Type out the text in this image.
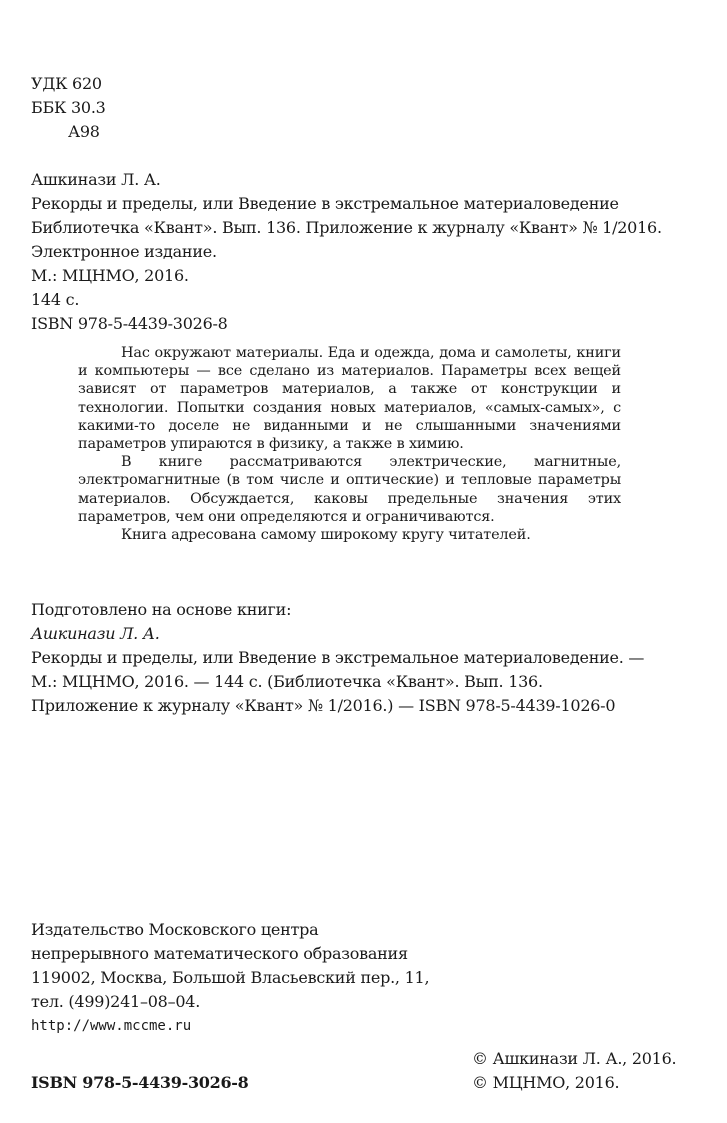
УДК 620
ББК 30.3
А98
Ашкинази Л. А.
Рекорды и пределы, или Введение в экстремальное материаловедение
Библиотечка «Квант». Вып. 136. Приложение к журналу «Квант» № 1/2016.
Электронное издание.
М.: МЦНМО, 2016.
144 с.
ISBN 978-5-4439-3026-8

Нас окружают материалы. Еда и одежда, дома и самолеты, книги и компьютеры — все сделано из материалов. Параметры всех вещей зависят от параметров материалов, а также от конструкции и технологии. Попытки создания новых материалов, «самых-самых», с какими-то доселе не виданными и не слышанными значениями параметров упираются в физику, а также в химию.

В книге рассматриваются электрические, магнитные, электромагнитные (в том числе и оптические) и тепловые параметры материалов. Обсуждается, каковы предельные значения этих параметров, чем они определяются и ограничиваются.

Книга адресована самому широкому кругу читателей.

Подготовлено на основе книги:
Ашкинази Л. А.
Рекорды и пределы, или Введение в экстремальное материаловедение. —
М.: МЦНМО, 2016. — 144 с. (Библиотечка «Квант». Вып. 136.
Приложение к журналу «Квант» № 1/2016.) — ISBN 978-5-4439-1026-0
Издательство Московского центра
непрерывного математического образования
119002, Москва, Большой Власьевский пер., 11,
тел. (499)241–08–04.
http://www.mccme.ru
ISBN 978-5-4439-3026-8
© Ашкинази Л. А., 2016.
© МЦНМО, 2016.
